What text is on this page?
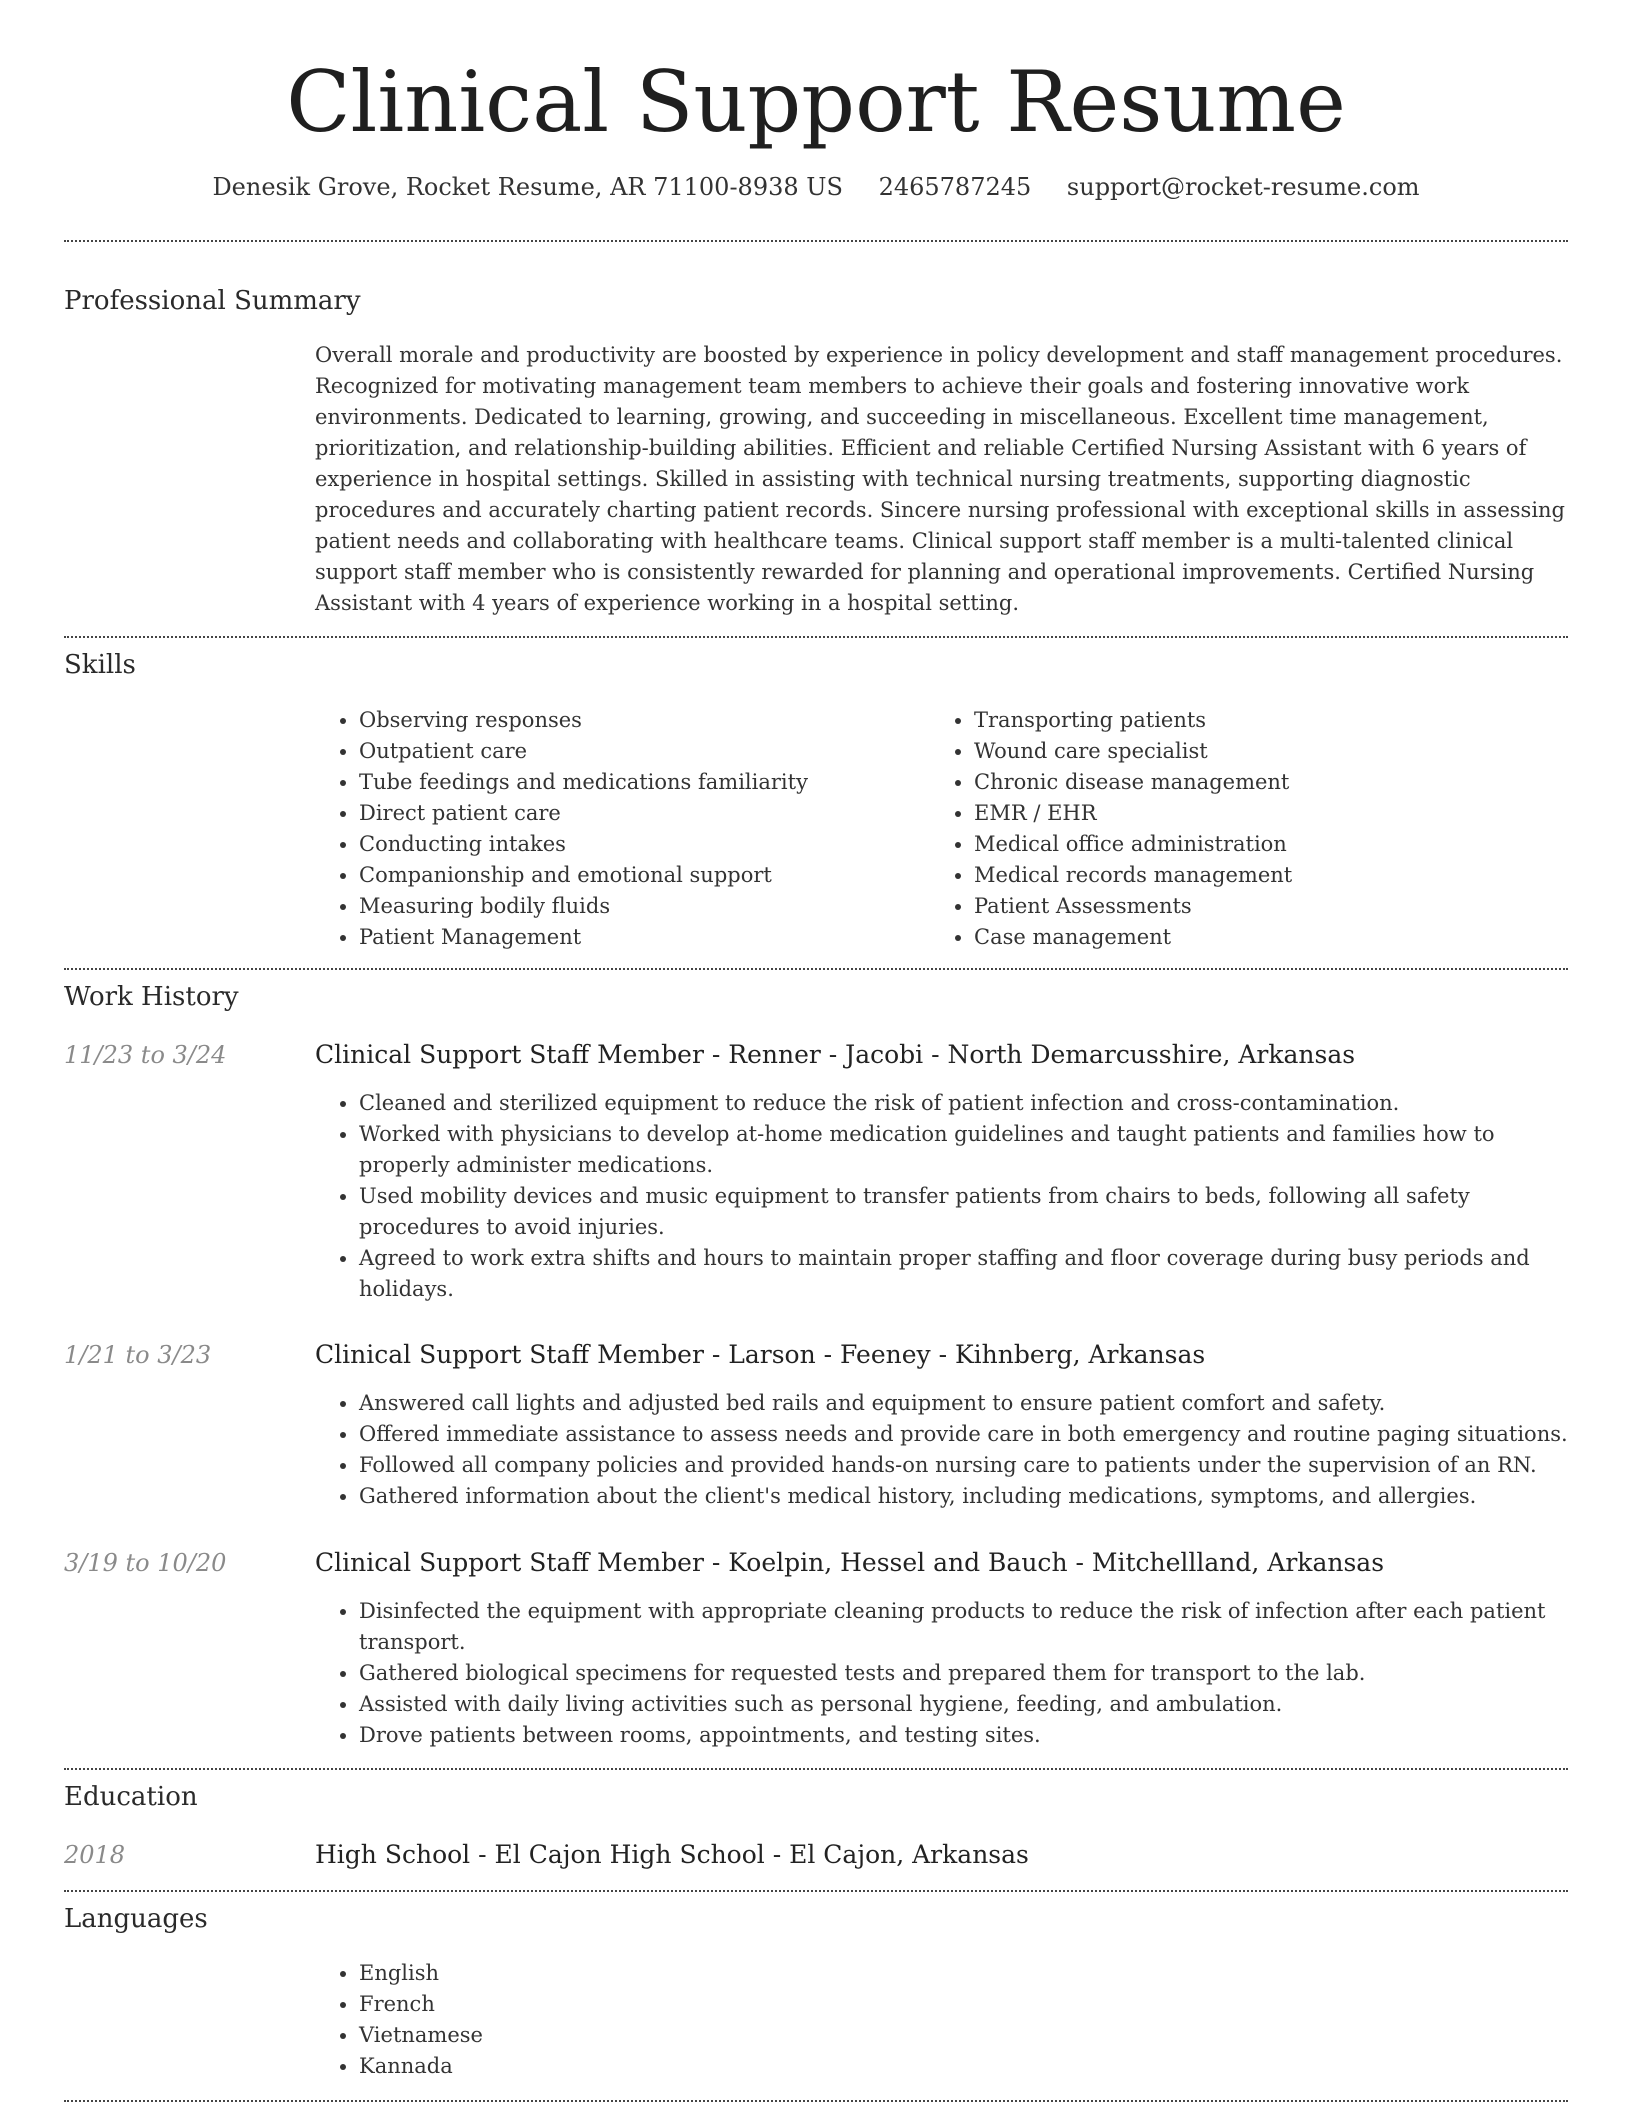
Clinical Support Resume
Denesik Grove, Rocket Resume, AR 71100-8938 US 2465787245 support@rocket-resume.com
Professional Summary

Overall morale and productivity are boosted by experience in policy development and staff management procedures. Recognized for motivating management team members to achieve their goals and fostering innovative work environments. Dedicated to learning, growing, and succeeding in miscellaneous. Excellent time management, prioritization, and relationship-building abilities. Efficient and reliable Certified Nursing Assistant with 6 years of experience in hospital settings. Skilled in assisting with technical nursing treatments, supporting diagnostic procedures and accurately charting patient records. Sincere nursing professional with exceptional skills in assessing patient needs and collaborating with healthcare teams. Clinical support staff member is a multi-talented clinical support staff member who is consistently rewarded for planning and operational improvements. Certified Nursing Assistant with 4 years of experience working in a hospital setting.

Skills
• Observing responses
• Outpatient care
• Tube feedings and medications familiarity
• Direct patient care
• Conducting intakes
• Companionship and emotional support
• Measuring bodily fluids
• Patient Management
• Transporting patients
• Wound care specialist
• Chronic disease management
• EMR / EHR
• Medical office administration
• Medical records management
• Patient Assessments
• Case management
Work History
11/23 to 3/24	Clinical Support Staff Member - Renner - Jacobi - North Demarcusshire, Arkansas
• Cleaned and sterilized equipment to reduce the risk of patient infection and cross-contamination.
• Worked with physicians to develop at-home medication guidelines and taught patients and families how to properly administer medications.
• Used mobility devices and music equipment to transfer patients from chairs to beds, following all safety procedures to avoid injuries.
• Agreed to work extra shifts and hours to maintain proper staffing and floor coverage during busy periods and holidays.
1/21 to 3/23	Clinical Support Staff Member - Larson - Feeney - Kihnberg, Arkansas
• Answered call lights and adjusted bed rails and equipment to ensure patient comfort and safety.
• Offered immediate assistance to assess needs and provide care in both emergency and routine paging situations.
• Followed all company policies and provided hands-on nursing care to patients under the supervision of an RN.
• Gathered information about the client's medical history, including medications, symptoms, and allergies.
3/19 to 10/20	Clinical Support Staff Member - Koelpin, Hessel and Bauch - Mitchellland, Arkansas
• Disinfected the equipment with appropriate cleaning products to reduce the risk of infection after each patient transport.
• Gathered biological specimens for requested tests and prepared them for transport to the lab.
• Assisted with daily living activities such as personal hygiene, feeding, and ambulation.
• Drove patients between rooms, appointments, and testing sites.
Education
2018	High School - El Cajon High School - El Cajon, Arkansas
Languages
• English
• French
• Vietnamese
• Kannada
